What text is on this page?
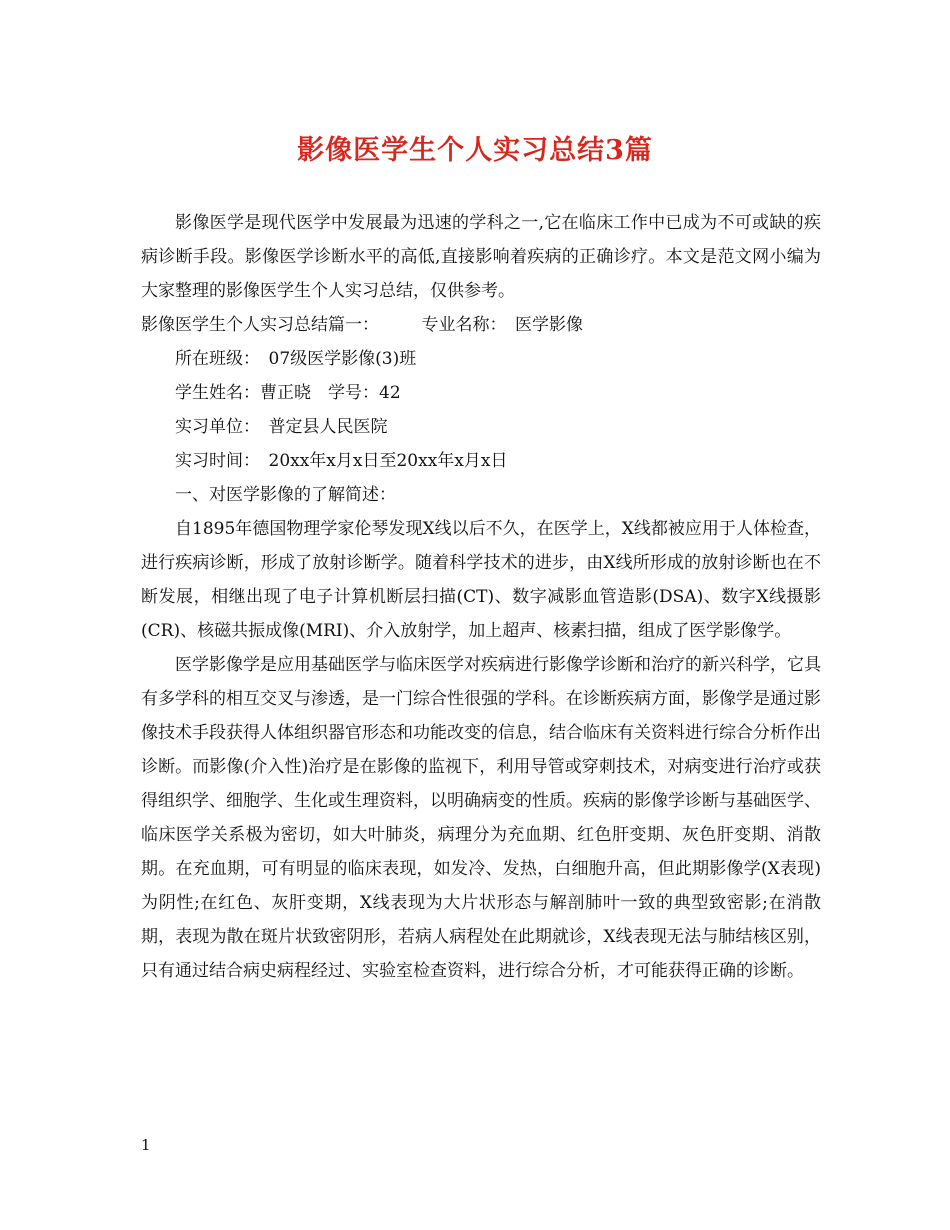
影像医学生个人实习总结3篇

影像医学是现代医学中发展最为迅速的学科之一,它在临床工作中已成为不可或缺的疾病诊断手段。影像医学诊断水平的高低,直接影响着疾病的正确诊疗。本文是范文网小编为大家整理的影像医学生个人实习总结，仅供参考。

影像医学生个人实习总结篇一：　　　专业名称：　医学影像

所在班级：　07级医学影像(3)班

学生姓名：曹正晓　学号：42

实习单位：　普定县人民医院

实习时间：　20xx年x月x日至20xx年x月x日

一、对医学影像的了解简述：

自1895年德国物理学家伦琴发现X线以后不久，在医学上，X线都被应用于人体检查，进行疾病诊断，形成了放射诊断学。随着科学技术的进步，由X线所形成的放射诊断也在不断发展，相继出现了电子计算机断层扫描(CT)、数字减影血管造影(DSA)、数字X线摄影(CR)、核磁共振成像(MRI)、介入放射学，加上超声、核素扫描，组成了医学影像学。

医学影像学是应用基础医学与临床医学对疾病进行影像学诊断和治疗的新兴科学，它具有多学科的相互交叉与渗透，是一门综合性很强的学科。在诊断疾病方面，影像学是通过影像技术手段获得人体组织器官形态和功能改变的信息，结合临床有关资料进行综合分析作出诊断。而影像(介入性)治疗是在影像的监视下，利用导管或穿刺技术，对病变进行治疗或获得组织学、细胞学、生化或生理资料，以明确病变的性质。疾病的影像学诊断与基础医学、临床医学关系极为密切，如大叶肺炎，病理分为充血期、红色肝变期、灰色肝变期、消散期。在充血期，可有明显的临床表现，如发冷、发热，白细胞升高，但此期影像学(X表现)为阴性;在红色、灰肝变期，X线表现为大片状形态与解剖肺叶一致的典型致密影;在消散期，表现为散在斑片状致密阴形，若病人病程处在此期就诊，X线表现无法与肺结核区别，只有通过结合病史病程经过、实验室检查资料，进行综合分析，才可能获得正确的诊断。

1
